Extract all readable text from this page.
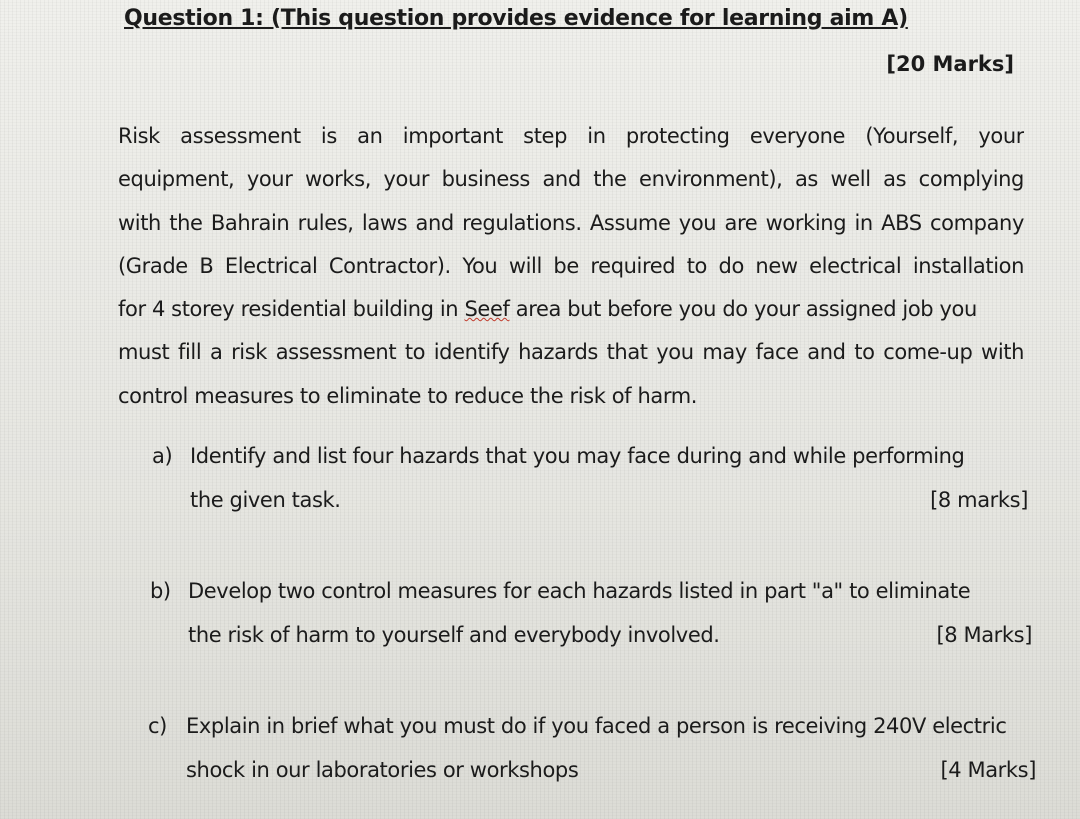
Question 1: (This question provides evidence for learning aim A)
[20 Marks]
Risk assessment is an important step in protecting everyone (Yourself, your
equipment, your works, your business and the environment), as well as complying
with the Bahrain rules, laws and regulations. Assume you are working in ABS company
(Grade B Electrical Contractor). You will be required to do new electrical installation
for 4 storey residential building in Seef area but before you do your assigned job you
must fill a risk assessment to identify hazards that you may face and to come-up with
control measures to eliminate to reduce the risk of harm.
a) Identify and list four hazards that you may face during and while performing
the given task.	[8 marks]
b) Develop two control measures for each hazards listed in part "a" to eliminate
the risk of harm to yourself and everybody involved.	[8 Marks]
c) Explain in brief what you must do if you faced a person is receiving 240V electric
shock in our laboratories or workshops	[4 Marks]
